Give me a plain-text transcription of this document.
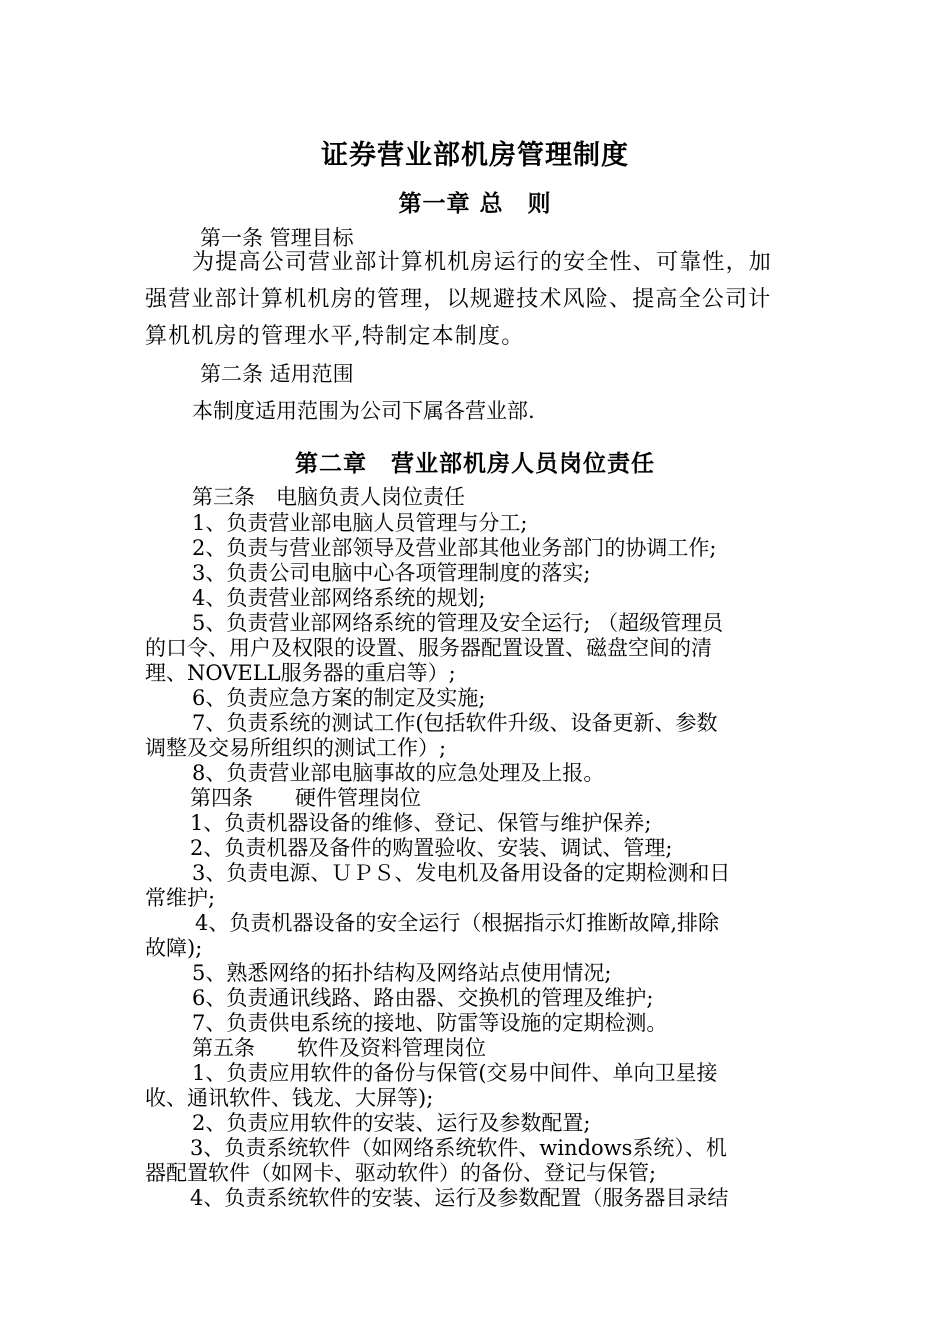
证券营业部机房管理制度
第一章 总　则
第一条 管理目标
为提高公司营业部计算机机房运行的安全性、可靠性，加
强营业部计算机机房的管理，以规避技术风险、提高全公司计
算机机房的管理水平,特制定本制度。
第二条 适用范围
本制度适用范围为公司下属各营业部.
第二章　营业部机房人员岗位责任
第三条　电脑负责人岗位责任
1、负责营业部电脑人员管理与分工;
2、负责与营业部领导及营业部其他业务部门的协调工作;
3、负责公司电脑中心各项管理制度的落实;
4、负责营业部网络系统的规划;
5、负责营业部网络系统的管理及安全运行; （超级管理员
的口令、用户及权限的设置、服务器配置设置、磁盘空间的清
理、NOVELL服务器的重启等）;
6、负责应急方案的制定及实施;
7、负责系统的测试工作(包括软件升级、设备更新、参数
调整及交易所组织的测试工作）;
8、负责营业部电脑事故的应急处理及上报。
第四条　　硬件管理岗位
1、负责机器设备的维修、登记、保管与维护保养;
2、负责机器及备件的购置验收、安装、调试、管理;
3、负责电源、ＵＰＳ、发电机及备用设备的定期检测和日
常维护;
4、负责机器设备的安全运行（根据指示灯推断故障,排除
故障);
5、熟悉网络的拓扑结构及网络站点使用情况;
6、负责通讯线路、路由器、交换机的管理及维护;
7、负责供电系统的接地、防雷等设施的定期检测。
第五条　　软件及资料管理岗位
1、负责应用软件的备份与保管(交易中间件、单向卫星接
收、通讯软件、钱龙、大屏等);
2、负责应用软件的安装、运行及参数配置;
3、负责系统软件（如网络系统软件、windows系统）、机
器配置软件（如网卡、驱动软件）的备份、登记与保管;
4、负责系统软件的安装、运行及参数配置（服务器目录结
